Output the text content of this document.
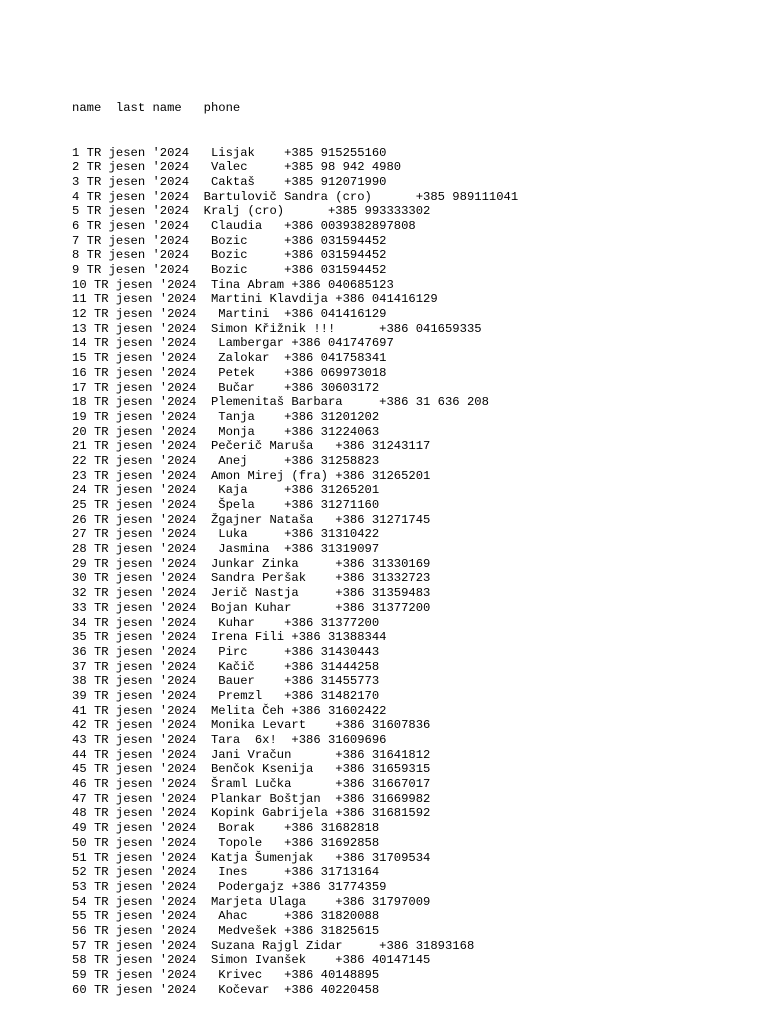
name  last name   phone

1 TR jesen '2024   Lisjak    +385 915255160
2 TR jesen '2024   Valec     +385 98 942 4980
3 TR jesen '2024   Caktaš    +385 912071990
4 TR jesen '2024  Bartulovič Sandra (cro)      +385 989111041
5 TR jesen '2024  Kralj (cro)      +385 993333302
6 TR jesen '2024   Claudia   +386 0039382897808
7 TR jesen '2024   Bozic     +386 031594452
8 TR jesen '2024   Bozic     +386 031594452
9 TR jesen '2024   Bozic     +386 031594452
10 TR jesen '2024  Tina Abram +386 040685123
11 TR jesen '2024  Martini Klavdija +386 041416129
12 TR jesen '2024   Martini  +386 041416129
13 TR jesen '2024  Simon Křižnik !!!      +386 041659335
14 TR jesen '2024   Lambergar +386 041747697
15 TR jesen '2024   Zalokar  +386 041758341
16 TR jesen '2024   Petek    +386 069973018
17 TR jesen '2024   Bučar    +386 30603172
18 TR jesen '2024  Plemenitaš Barbara     +386 31 636 208
19 TR jesen '2024   Tanja    +386 31201202
20 TR jesen '2024   Monja    +386 31224063
21 TR jesen '2024  Pečerič Maruša   +386 31243117
22 TR jesen '2024   Anej     +386 31258823
23 TR jesen '2024  Amon Mirej (fra) +386 31265201
24 TR jesen '2024   Kaja     +386 31265201
25 TR jesen '2024   Špela    +386 31271160
26 TR jesen '2024  Žgajner Nataša   +386 31271745
27 TR jesen '2024   Luka     +386 31310422
28 TR jesen '2024   Jasmina  +386 31319097
29 TR jesen '2024  Junkar Zinka     +386 31330169
30 TR jesen '2024  Sandra Peršak    +386 31332723
32 TR jesen '2024  Jerič Nastja     +386 31359483
33 TR jesen '2024  Bojan Kuhar      +386 31377200
34 TR jesen '2024   Kuhar    +386 31377200
35 TR jesen '2024  Irena Fili +386 31388344
36 TR jesen '2024   Pirc     +386 31430443
37 TR jesen '2024   Kačič    +386 31444258
38 TR jesen '2024   Bauer    +386 31455773
39 TR jesen '2024   Premzl   +386 31482170
41 TR jesen '2024  Melita Čeh +386 31602422
42 TR jesen '2024  Monika Levart    +386 31607836
43 TR jesen '2024  Tara  6x!  +386 31609696
44 TR jesen '2024  Jani Vračun      +386 31641812
45 TR jesen '2024  Benčok Ksenija   +386 31659315
46 TR jesen '2024  Šraml Lučka      +386 31667017
47 TR jesen '2024  Plankar Boštjan  +386 31669982
48 TR jesen '2024  Kopink Gabrijela +386 31681592
49 TR jesen '2024   Borak    +386 31682818
50 TR jesen '2024   Topole   +386 31692858
51 TR jesen '2024  Katja Šumenjak   +386 31709534
52 TR jesen '2024   Ines     +386 31713164
53 TR jesen '2024   Podergajz +386 31774359
54 TR jesen '2024  Marjeta Ulaga    +386 31797009
55 TR jesen '2024   Ahac     +386 31820088
56 TR jesen '2024   Medvešek +386 31825615
57 TR jesen '2024  Suzana Rajgl Zidar     +386 31893168
58 TR jesen '2024  Simon Ivanšek    +386 40147145
59 TR jesen '2024   Krivec   +386 40148895
60 TR jesen '2024   Kočevar  +386 40220458
